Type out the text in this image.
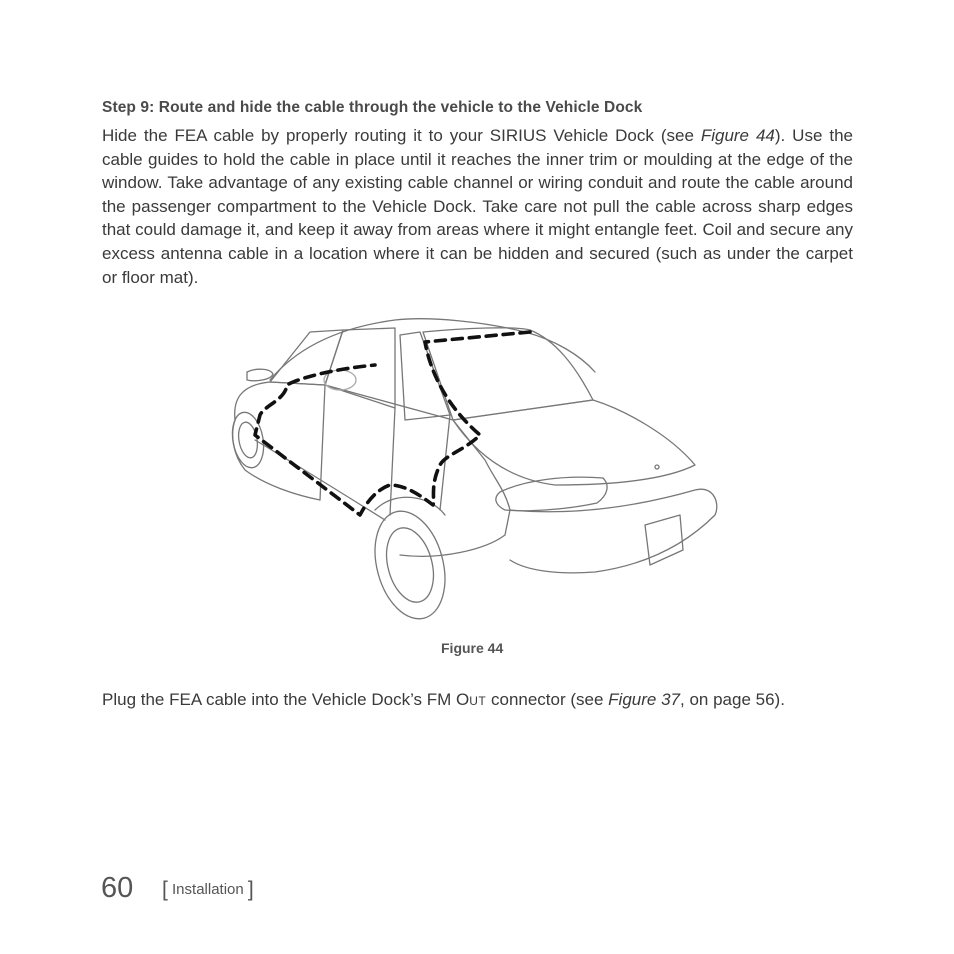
Step 9: Route and hide the cable through the vehicle to the Vehicle Dock
Hide the FEA cable by properly routing it to your SIRIUS Vehicle Dock (see Figure 44). Use the cable guides to hold the cable in place until it reaches the inner trim or moulding at the edge of the window. Take advantage of any existing cable channel or wiring conduit and route the cable around the passenger compartment to the Vehicle Dock. Take care not pull the cable across sharp edges that could damage it, and keep it away from areas where it might entangle feet. Coil and secure any excess antenna cable in a location where it can be hidden and secured (such as under the carpet or floor mat).
Figure 44
Plug the FEA cable into the Vehicle Dock’s FM OUT connector (see Figure 37, on page 56).
60 [ Installation ]
